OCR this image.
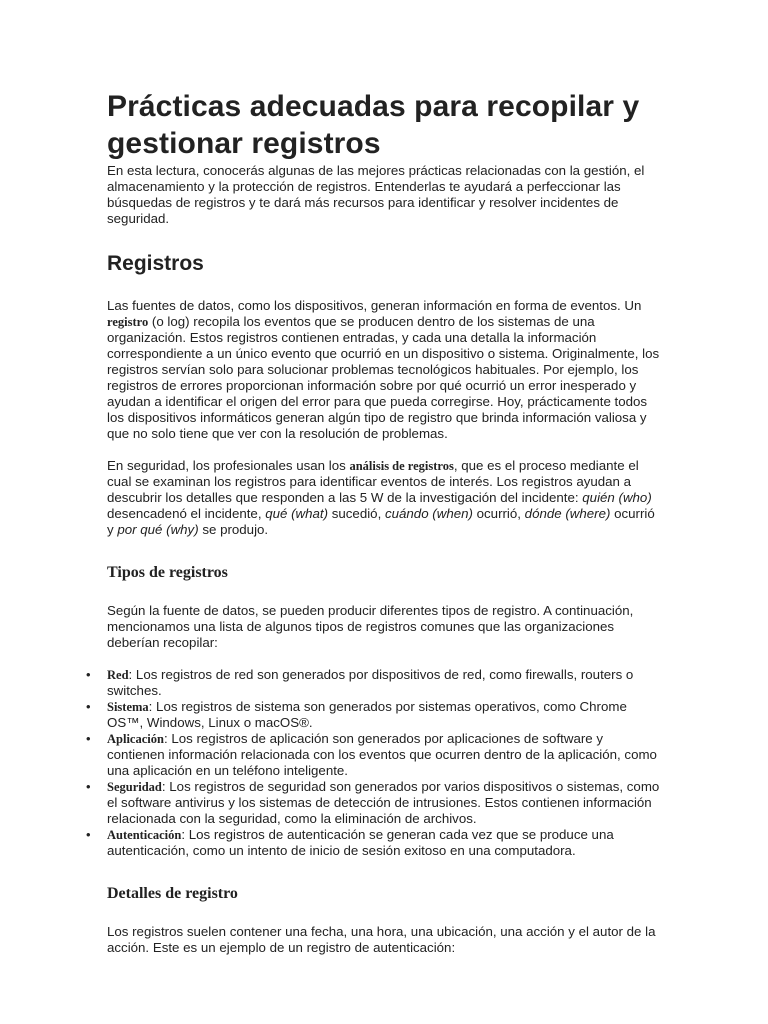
Prácticas adecuadas para recopilar y gestionar registros

En esta lectura, conocerás algunas de las mejores prácticas relacionadas con la gestión, el almacenamiento y la protección de registros. Entenderlas te ayudará a perfeccionar las búsquedas de registros y te dará más recursos para identificar y resolver incidentes de seguridad.

Registros

Las fuentes de datos, como los dispositivos, generan información en forma de eventos. Un registro (o log) recopila los eventos que se producen dentro de los sistemas de una organización. Estos registros contienen entradas, y cada una detalla la información correspondiente a un único evento que ocurrió en un dispositivo o sistema. Originalmente, los registros servían solo para solucionar problemas tecnológicos habituales. Por ejemplo, los registros de errores proporcionan información sobre por qué ocurrió un error inesperado y ayudan a identificar el origen del error para que pueda corregirse. Hoy, prácticamente todos los dispositivos informáticos generan algún tipo de registro que brinda información valiosa y que no solo tiene que ver con la resolución de problemas.

En seguridad, los profesionales usan los análisis de registros, que es el proceso mediante el cual se examinan los registros para identificar eventos de interés. Los registros ayudan a descubrir los detalles que responden a las 5 W de la investigación del incidente: quién (who) desencadenó el incidente, qué (what) sucedió, cuándo (when) ocurrió, dónde (where) ocurrió y por qué (why) se produjo.

Tipos de registros

Según la fuente de datos, se pueden producir diferentes tipos de registro. A continuación, mencionamos una lista de algunos tipos de registros comunes que las organizaciones deberían recopilar:

• Red: Los registros de red son generados por dispositivos de red, como firewalls, routers o switches.
• Sistema: Los registros de sistema son generados por sistemas operativos, como Chrome OS™, Windows, Linux o macOS®.
• Aplicación: Los registros de aplicación son generados por aplicaciones de software y contienen información relacionada con los eventos que ocurren dentro de la aplicación, como una aplicación en un teléfono inteligente.
• Seguridad: Los registros de seguridad son generados por varios dispositivos o sistemas, como el software antivirus y los sistemas de detección de intrusiones. Estos contienen información relacionada con la seguridad, como la eliminación de archivos.
• Autenticación: Los registros de autenticación se generan cada vez que se produce una autenticación, como un intento de inicio de sesión exitoso en una computadora.
Detalles de registro

Los registros suelen contener una fecha, una hora, una ubicación, una acción y el autor de la acción. Este es un ejemplo de un registro de autenticación:
